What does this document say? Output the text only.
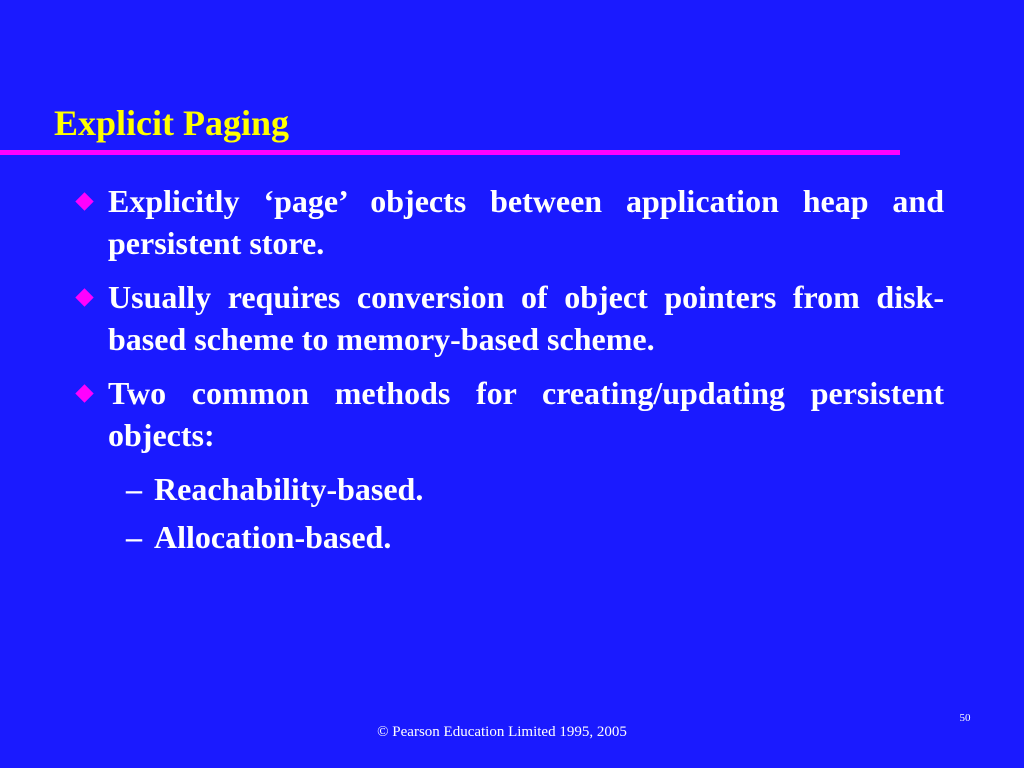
Explicit Paging
Explicitly ‘page’ objects between application heap and persistent store.
Usually requires conversion of object pointers from disk-based scheme to memory-based scheme.
Two common methods for creating/updating persistent objects:
– Reachability-based.
– Allocation-based.
50
© Pearson Education Limited 1995, 2005
